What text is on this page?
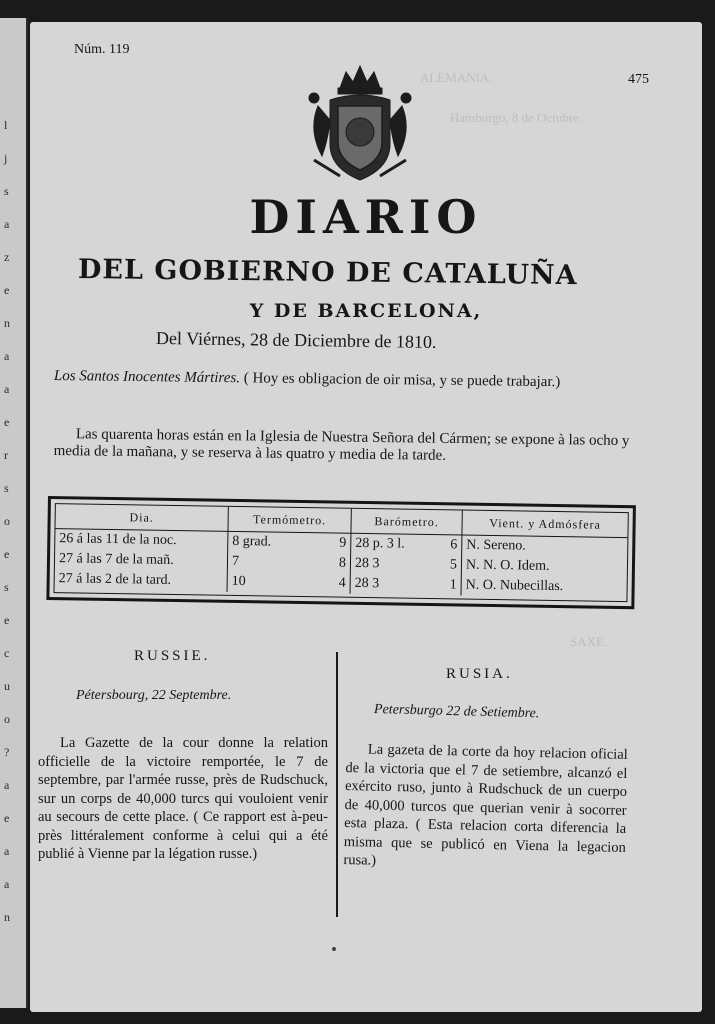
l
j
s
a
z
e
n
a
a
e
r
s
o
e
s
e
c
u
o
?
a
e
a
a
n
ALEMANIA.
Hamburgo, 8 de Octubre.
SAXE.
Núm. 119
475
DIARIO
DEL GOBIERNO DE CATALUÑA
Y DE BARCELONA,
Del Viérnes, 28 de Diciembre de 1810.
Los Santos Inocentes Mártires. ( Hoy es obligacion de oir misa, y se puede trabajar.)
Las quarenta horas están en la Iglesia de Nuestra Señora del Cármen; se expone à las ocho y media de la mañana, y se reserva à las quatro y media de la tarde.
Dia.	Termómetro.	Barómetro.	Vient. y Admósfera
26 á las 11 de la noc.	8 grad. 9	28 p. 3 l. 6	N. Sereno.
27 á las 7 de la mañ.	7 8	28 3 5	N. N. O. Idem.
27 á las 2 de la tard.	10 4	28 3 1	N. O. Nubecillas.
RUSSIE.
Pétersbourg, 22 Septembre.
La Gazette de la cour donne la relation officielle de la victoire remportée, le 7 de septembre, par l'armée russe, près de Rudschuck, sur un corps de 40,000 turcs qui vouloient venir au secours de cette place. ( Ce rapport est à-peu-près littéralement conforme à celui qui a été publié à Vienne par la légation russe.)
RUSIA.
Petersburgo 22 de Setiembre.
La gazeta de la corte da hoy relacion oficial de la victoria que el 7 de setiembre, alcanzó el exército ruso, junto à Rudschuck de un cuerpo de 40,000 turcos que querian venir à socorrer esta plaza. ( Esta relacion corta diferencia la misma que se publicó en Viena la legacion rusa.)
